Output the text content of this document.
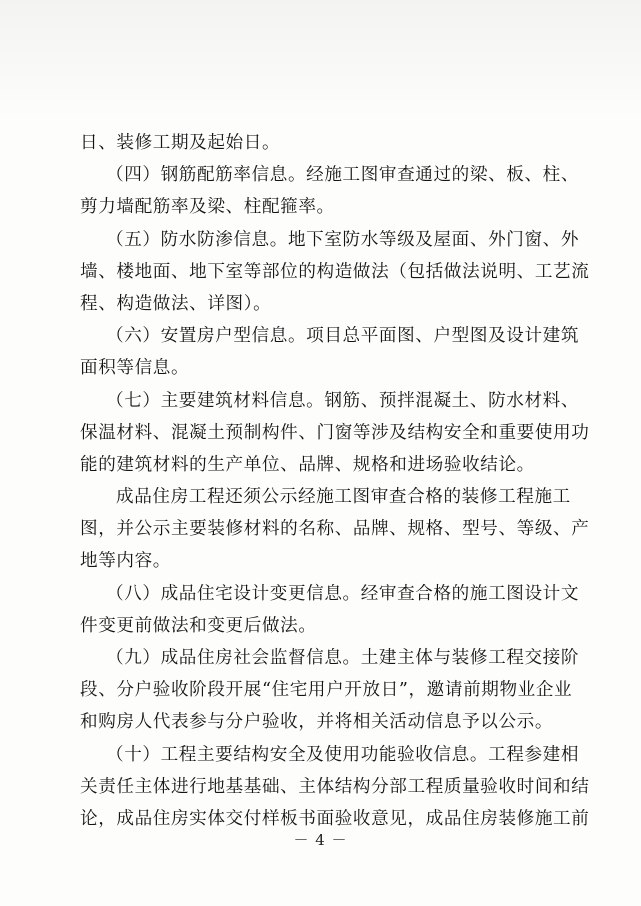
日、装修工期及起始日。
（四）钢筋配筋率信息。经施工图审查通过的梁、板、柱、
剪力墙配筋率及梁、柱配箍率。
（五）防水防渗信息。地下室防水等级及屋面、外门窗、外
墙、楼地面、地下室等部位的构造做法（包括做法说明、工艺流
程、构造做法、详图）。
（六）安置房户型信息。项目总平面图、户型图及设计建筑
面积等信息。
（七）主要建筑材料信息。钢筋、预拌混凝土、防水材料、
保温材料、混凝土预制构件、门窗等涉及结构安全和重要使用功
能的建筑材料的生产单位、品牌、规格和进场验收结论。
成品住房工程还须公示经施工图审查合格的装修工程施工
图，并公示主要装修材料的名称、品牌、规格、型号、等级、产
地等内容。
（八）成品住宅设计变更信息。经审查合格的施工图设计文
件变更前做法和变更后做法。
（九）成品住房社会监督信息。土建主体与装修工程交接阶
段、分户验收阶段开展“住宅用户开放日”，邀请前期物业企业
和购房人代表参与分户验收，并将相关活动信息予以公示。
（十）工程主要结构安全及使用功能验收信息。工程参建相
关责任主体进行地基基础、主体结构分部工程质量验收时间和结
论，成品住房实体交付样板书面验收意见，成品住房装修施工前
－ 4 －
